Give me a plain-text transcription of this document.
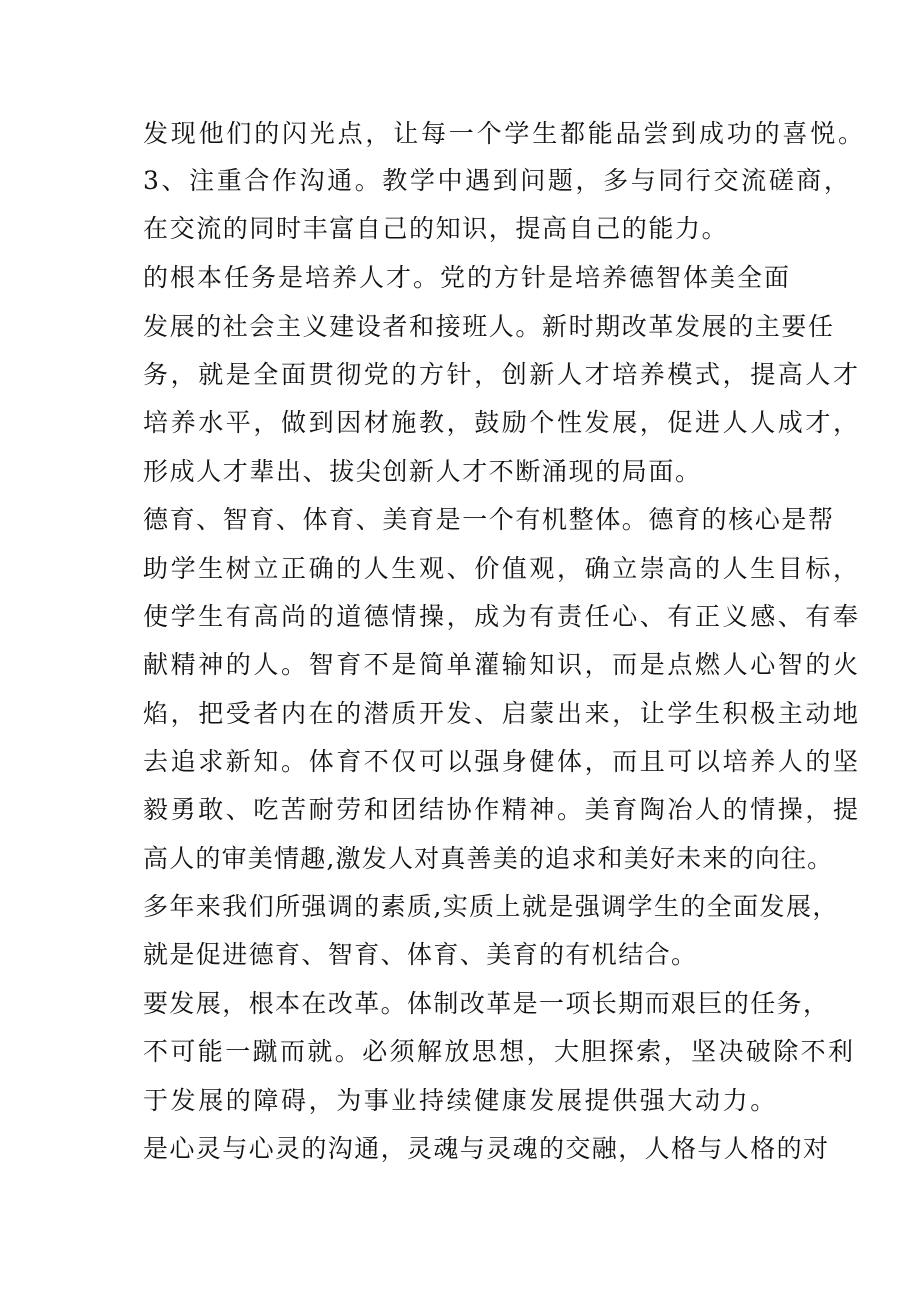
发现他们的闪光点，让每一个学生都能品尝到成功的喜悦。
3、注重合作沟通。教学中遇到问题，多与同行交流磋商，
在交流的同时丰富自己的知识，提高自己的能力。
的根本任务是培养人才。党的方针是培养德智体美全面
发展的社会主义建设者和接班人。新时期改革发展的主要任
务，就是全面贯彻党的方针，创新人才培养模式，提高人才
培养水平，做到因材施教，鼓励个性发展，促进人人成才，
形成人才辈出、拔尖创新人才不断涌现的局面。
德育、智育、体育、美育是一个有机整体。德育的核心是帮
助学生树立正确的人生观、价值观，确立崇高的人生目标，
使学生有高尚的道德情操，成为有责任心、有正义感、有奉
献精神的人。智育不是简单灌输知识，而是点燃人心智的火
焰，把受者内在的潜质开发、启蒙出来，让学生积极主动地
去追求新知。体育不仅可以强身健体，而且可以培养人的坚
毅勇敢、吃苦耐劳和团结协作精神。美育陶冶人的情操，提
高人的审美情趣,激发人对真善美的追求和美好未来的向往。
多年来我们所强调的素质,实质上就是强调学生的全面发展，
就是促进德育、智育、体育、美育的有机结合。
要发展，根本在改革。体制改革是一项长期而艰巨的任务，
不可能一蹴而就。必须解放思想，大胆探索，坚决破除不利
于发展的障碍，为事业持续健康发展提供强大动力。
是心灵与心灵的沟通，灵魂与灵魂的交融，人格与人格的对
